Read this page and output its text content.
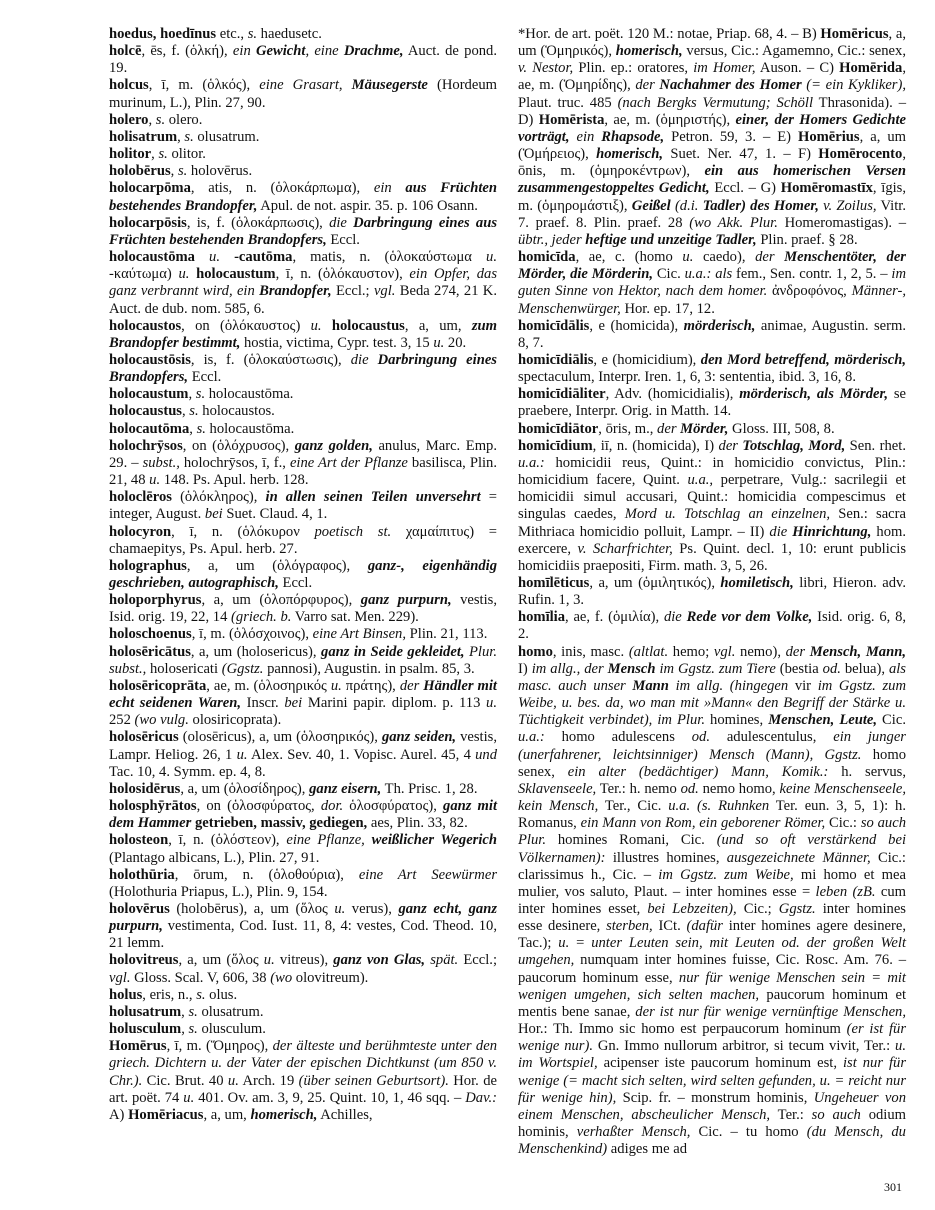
hoedus, hoedīnus etc., s. haedusetc.

holcē, ēs, f. (ὁλκή), ein Gewicht, eine Drachme, Auct. de pond. 19.

holcus, ī, m. (ὁλκός), eine Grasart, Mäusegerste (Hordeum murinum, L.), Plin. 27, 90.

holero, s. olero.

holisatrum, s. olusatrum.

holitor, s. olitor.

holobērus, s. holovērus.

holocarpōma, atis, n. (ὁλοκάρπωμα), ein aus Früchten bestehendes Brandopfer, Apul. de not. aspir. 35. p. 106 Osann.

holocarpōsis, is, f. (ὁλοκάρπωσις), die Darbringung eines aus Früchten bestehenden Brandopfers, Eccl.

holocaustōma u. -cautōma, matis, n. (ὁλοκαύστωμα u. -καύτωμα) u. holocaustum, ī, n. (ὁλόκαυστον), ein Opfer, das ganz verbrannt wird, ein Brandopfer, Eccl.; vgl. Beda 274, 21 K. Auct. de dub. nom. 585, 6.

holocaustos, on (ὁλόκαυστος) u. holocaustus, a, um, zum Brandopfer bestimmt, hostia, victima, Cypr. test. 3, 15 u. 20.

holocaustōsis, is, f. (ὁλοκαύστωσις), die Darbringung eines Brandopfers, Eccl.

holocaustum, s. holocaustōma.

holocaustus, s. holocaustos.

holocautōma, s. holocaustōma.

holochrȳsos, on (ὁλόχρυσος), ganz golden, anulus, Marc. Emp. 29. – subst., holochrȳsos, ī, f., eine Art der Pflanze basilisca, Plin. 21, 48 u. 148. Ps. Apul. herb. 128.

holoclēros (ὁλόκληρος), in allen seinen Teilen unversehrt = integer, August. bei Suet. Claud. 4, 1.

holocyron, ī, n. (ὁλόκυρον poetisch st. χαμαίπιτυς) = chamaepitys, Ps. Apul. herb. 27.

holographus, a, um (ὁλόγραφος), ganz-, eigenhändig geschrieben, autographisch, Eccl.

holoporphyrus, a, um (ὁλοπόρφυρος), ganz purpurn, vestis, Isid. orig. 19, 22, 14 (griech. b. Varro sat. Men. 229).

holoschoenus, ī, m. (ὁλόσχοινος), eine Art Binsen, Plin. 21, 113.

holosēricātus, a, um (holosericus), ganz in Seide gekleidet, Plur. subst., holosericati (Ggstz. pannosi), Augustin. in psalm. 85, 3.

holosēricoprāta, ae, m. (ὁλοσηρικός u. πράτης), der Händler mit echt seidenen Waren, Inscr. bei Marini papir. diplom. p. 113 u. 252 (wo vulg. olosiricoprata).

holosēricus (olosēricus), a, um (ὁλοσηρικός), ganz seiden, vestis, Lampr. Heliog. 26, 1 u. Alex. Sev. 40, 1. Vopisc. Aurel. 45, 4 und Tac. 10, 4. Symm. ep. 4, 8.

holosidērus, a, um (ὁλοσίδηρος), ganz eisern, Th. Prisc. 1, 28.

holosphȳrātos, on (ὁλοσφύρατος, dor. ὁλοσφύρατος), ganz mit dem Hammer getrieben, massiv, gediegen, aes, Plin. 33, 82.

holosteon, ī, n. (ὁλόστεον), eine Pflanze, weißlicher Wegerich (Plantago albicans, L.), Plin. 27, 91.

holothūria, ōrum, n. (ὁλοθούρια), eine Art Seewürmer (Holothuria Priapus, L.), Plin. 9, 154.

holovērus (holobērus), a, um (ὅλος u. verus), ganz echt, ganz purpurn, vestimenta, Cod. Iust. 11, 8, 4: vestes, Cod. Theod. 10, 21 lemm.

holovitreus, a, um (ὅλος u. vitreus), ganz von Glas, spät. Eccl.; vgl. Gloss. Scal. V, 606, 38 (wo olovitreum).

holus, eris, n., s. olus.

holusatrum, s. olusatrum.

holusculum, s. olusculum.

Homērus, ī, m. (Ὅμηρος), der älteste und berühmteste unter den griech. Dichtern u. der Vater der epischen Dichtkunst (um 850 v. Chr.). Cic. Brut. 40 u. Arch. 19 (über seinen Geburtsort). Hor. de art. poët. 74 u. 401. Ov. am. 3, 9, 25. Quint. 10, 1, 46 sqq. – Dav.: A) Homēriacus, a, um, homerisch, Achilles,

*Hor. de art. poët. 120 M.: notae, Priap. 68, 4. – B) Homēricus, a, um (Ὁμηρικός), homerisch, versus, Cic.: Agamemno, Cic.: senex, v. Nestor, Plin. ep.: oratores, im Homer, Auson. – C) Homērida, ae, m. (Ὁμηρίδης), der Nachahmer des Homer (= ein Kykliker), Plaut. truc. 485 (nach Bergks Vermutung; Schöll Thrasonida). – D) Homērista, ae, m. (ὁμηριστής), einer, der Homers Gedichte vorträgt, ein Rhapsode, Petron. 59, 3. – E) Homērius, a, um (Ὁμήρειος), homerisch, Suet. Ner. 47, 1. – F) Homērocento, ōnis, m. (ὁμηροκέντρων), ein aus homerischen Versen zusammengestoppeltes Gedicht, Eccl. – G) Homēromastīx, īgis, m. (ὁμηρομάστιξ), Geißel (d.i. Tadler) des Homer, v. Zoilus, Vitr. 7. praef. 8. Plin. praef. 28 (wo Akk. Plur. Homeromastigas). – übtr., jeder heftige und unzeitige Tadler, Plin. praef. § 28.

homicīda, ae, c. (homo u. caedo), der Menschentöter, der Mörder, die Mörderin, Cic. u.a.: als fem., Sen. contr. 1, 2, 5. – im guten Sinne von Hektor, nach dem homer. ἀνδροφόνος, Männer-, Menschenwürger, Hor. ep. 17, 12.

homicīdālis, e (homicida), mörderisch, animae, Augustin. serm. 8, 7.

homicīdiālis, e (homicidium), den Mord betreffend, mörderisch, spectaculum, Interpr. Iren. 1, 6, 3: sententia, ibid. 3, 16, 8.

homicīdiāliter, Adv. (homicidialis), mörderisch, als Mörder, se praebere, Interpr. Orig. in Matth. 14.

homicīdiātor, ōris, m., der Mörder, Gloss. III, 508, 8.

homicīdium, iī, n. (homicida), I) der Totschlag, Mord, Sen. rhet. u.a.: homicidii reus, Quint.: in homicidio convictus, Plin.: homicidium facere, Quint. u.a., perpetrare, Vulg.: sacrilegii et homicidii simul accusari, Quint.: homicidia compescimus et singulas caedes, Mord u. Totschlag an einzelnen, Sen.: sacra Mithriaca homicidio polluit, Lampr. – II) die Hinrichtung, hom. exercere, v. Scharfrichter, Ps. Quint. decl. 1, 10: erunt publicis homicidiis praepositi, Firm. math. 3, 5, 26.

homīlēticus, a, um (ὁμιλητικός), homiletisch, libri, Hieron. adv. Rufin. 1, 3.

homīlia, ae, f. (ὁμιλία), die Rede vor dem Volke, Isid. orig. 6, 8, 2.

homo, inis, masc. (altlat. hemo; vgl. nemo), der Mensch, Mann, I) im allg., der Mensch im Ggstz. zum Tiere (bestia od. belua), als masc. auch unser Mann im allg. (hingegen vir im Ggstz. zum Weibe, u. bes. da, wo man mit »Mann« den Begriff der Stärke u. Tüchtigkeit verbindet), im Plur. homines, Menschen, Leute, Cic. u.a.: homo adulescens od. adulescentulus, ein junger (unerfahrener, leichtsinniger) Mensch (Mann), Ggstz. homo senex, ein alter (bedächtiger) Mann, Komik.: h. servus, Sklavenseele, Ter.: h. nemo od. nemo homo, keine Menschenseele, kein Mensch, Ter., Cic. u.a. (s. Ruhnken Ter. eun. 3, 5, 1): h. Romanus, ein Mann von Rom, ein geborener Römer, Cic.: so auch Plur. homines Romani, Cic. (und so oft verstärkend bei Völkernamen): illustres homines, ausgezeichnete Männer, Cic.: clarissimus h., Cic. – im Ggstz. zum Weibe, mi homo et mea mulier, vos saluto, Plaut. – inter homines esse = leben (zB. cum inter homines esset, bei Lebzeiten), Cic.; Ggstz. inter homines esse desinere, sterben, ICt. (dafür inter homines agere desinere, Tac.); u. = unter Leuten sein, mit Leuten od. der großen Welt umgehen, numquam inter homines fuisse, Cic. Rosc. Am. 76. – paucorum hominum esse, nur für wenige Menschen sein = mit wenigen umgehen, sich selten machen, paucorum hominum et mentis bene sanae, der ist nur für wenige vernünftige Menschen, Hor.: Th. Immo sic homo est perpaucorum hominum (er ist für wenige nur). Gn. Immo nullorum arbitror, si tecum vivit, Ter.: u. im Wortspiel, acipenser iste paucorum hominum est, ist nur für wenige (= macht sich selten, wird selten gefunden, u. = reicht nur für wenige hin), Scip. fr. – monstrum hominis, Ungeheuer von einem Menschen, abscheulicher Mensch, Ter.: so auch odium hominis, verhaßter Mensch, Cic. – tu homo (du Mensch, du Menschenkind) adiges me ad

301
